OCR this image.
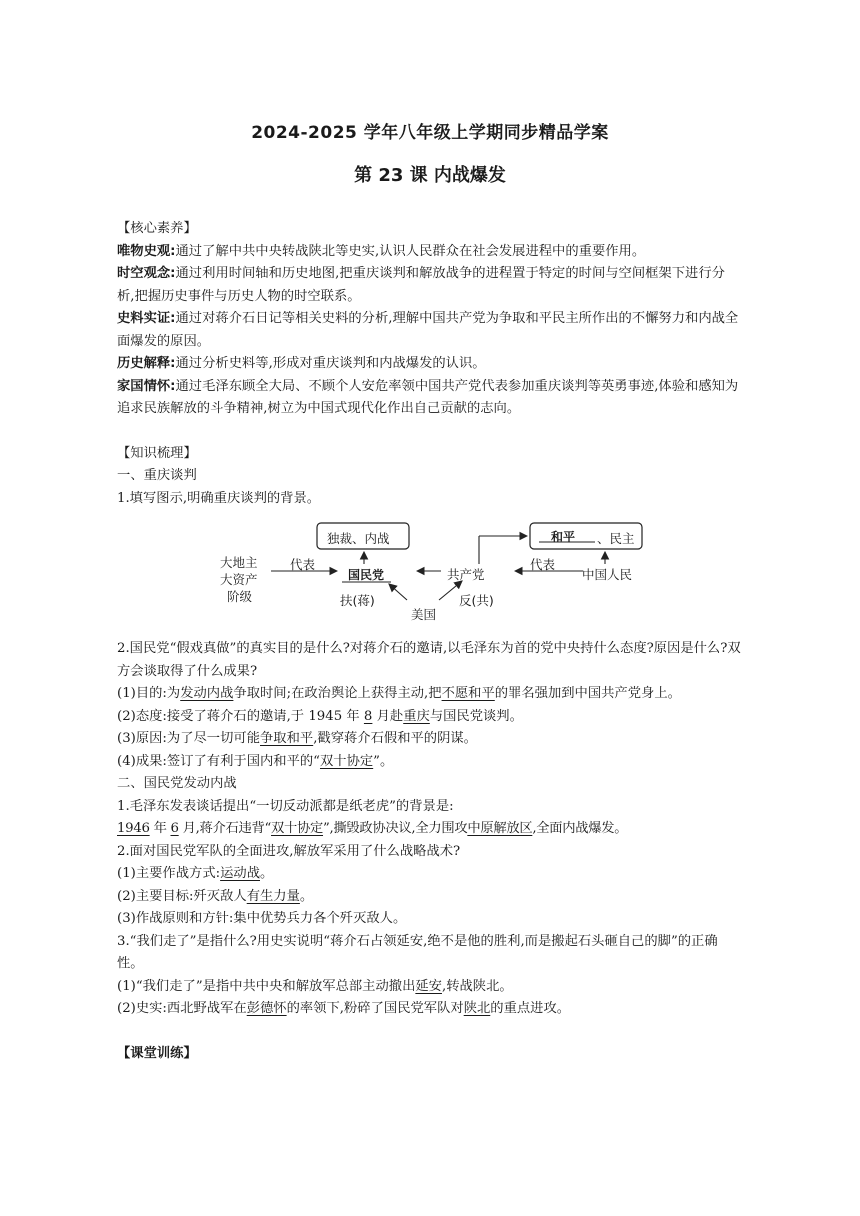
2024-2025 学年八年级上学期同步精品学案
第 23 课 内战爆发
【核心素养】
唯物史观:通过了解中共中央转战陕北等史实,认识人民群众在社会发展进程中的重要作用。
时空观念:通过利用时间轴和历史地图,把重庆谈判和解放战争的进程置于特定的时间与空间框架下进行分析,把握历史事件与历史人物的时空联系。
史料实证:通过对蒋介石日记等相关史料的分析,理解中国共产党为争取和平民主所作出的不懈努力和内战全面爆发的原因。
历史解释:通过分析史料等,形成对重庆谈判和内战爆发的认识。
家国情怀:通过毛泽东顾全大局、不顾个人安危率领中国共产党代表参加重庆谈判等英勇事迹,体验和感知为追求民族解放的斗争精神,树立为中国式现代化作出自己贡献的志向。
【知识梳理】
一、重庆谈判
1.填写图示,明确重庆谈判的背景。
独裁、内战	和平 、民主
大地主
大资产
阶级
代表
国民党	共产党
代表
中国人民
扶(蒋)	反(共)
美国
2.国民党“假戏真做”的真实目的是什么?对蒋介石的邀请,以毛泽东为首的党中央持什么态度?原因是什么?双方会谈取得了什么成果?
(1)目的:为发动内战争取时间;在政治舆论上获得主动,把不愿和平的罪名强加到中国共产党身上。
(2)态度:接受了蒋介石的邀请,于 1945 年 8 月赴重庆与国民党谈判。
(3)原因:为了尽一切可能争取和平,戳穿蒋介石假和平的阴谋。
(4)成果:签订了有利于国内和平的“双十协定”。
二、国民党发动内战
1.毛泽东发表谈话提出“一切反动派都是纸老虎”的背景是:
1946 年 6 月,蒋介石违背“双十协定”,撕毁政协决议,全力围攻中原解放区,全面内战爆发。
2.面对国民党军队的全面进攻,解放军采用了什么战略战术?
(1)主要作战方式:运动战。
(2)主要目标:歼灭敌人有生力量。
(3)作战原则和方针:集中优势兵力各个歼灭敌人。
3.“我们走了”是指什么?用史实说明“蒋介石占领延安,绝不是他的胜利,而是搬起石头砸自己的脚”的正确性。
(1)“我们走了”是指中共中央和解放军总部主动撤出延安,转战陕北。
(2)史实:西北野战军在彭德怀的率领下,粉碎了国民党军队对陕北的重点进攻。
【课堂训练】
